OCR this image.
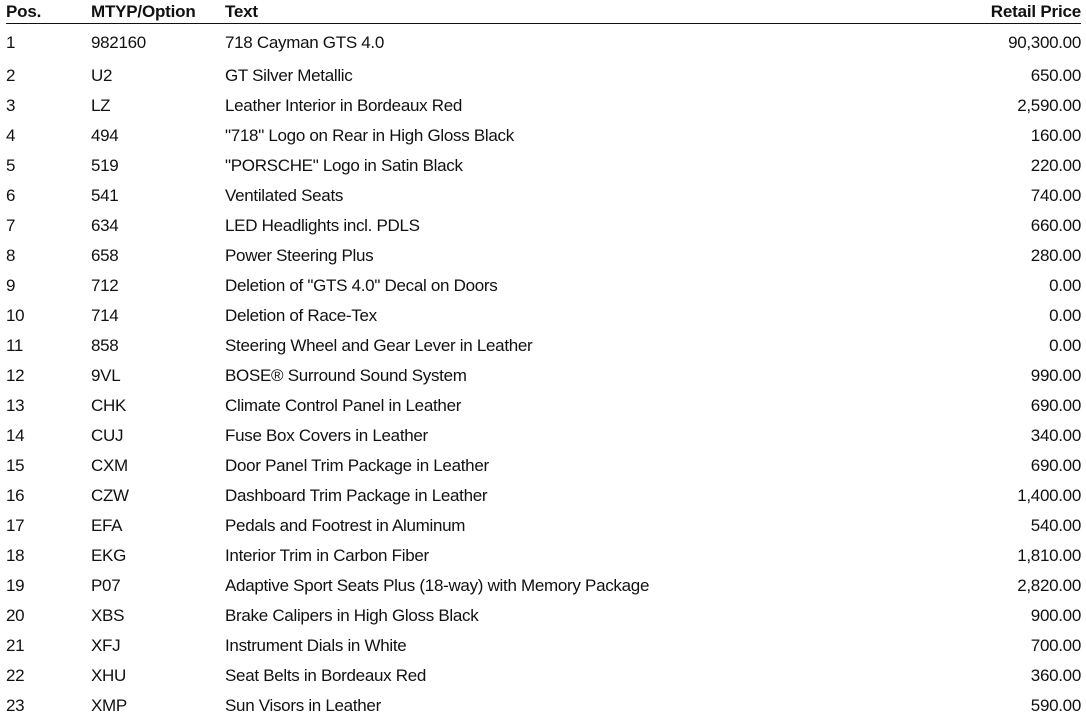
Pos.	MTYP/Option	Text	Retail Price
1	982160	718 Cayman GTS 4.0	90,300.00
2	U2	GT Silver Metallic	650.00
3	LZ	Leather Interior in Bordeaux Red	2,590.00
4	494	"718" Logo on Rear in High Gloss Black	160.00
5	519	"PORSCHE" Logo in Satin Black	220.00
6	541	Ventilated Seats	740.00
7	634	LED Headlights incl. PDLS	660.00
8	658	Power Steering Plus	280.00
9	712	Deletion of "GTS 4.0" Decal on Doors	0.00
10	714	Deletion of Race-Tex	0.00
11	858	Steering Wheel and Gear Lever in Leather	0.00
12	9VL	BOSE® Surround Sound System	990.00
13	CHK	Climate Control Panel in Leather	690.00
14	CUJ	Fuse Box Covers in Leather	340.00
15	CXM	Door Panel Trim Package in Leather	690.00
16	CZW	Dashboard Trim Package in Leather	1,400.00
17	EFA	Pedals and Footrest in Aluminum	540.00
18	EKG	Interior Trim in Carbon Fiber	1,810.00
19	P07	Adaptive Sport Seats Plus (18-way) with Memory Package	2,820.00
20	XBS	Brake Calipers in High Gloss Black	900.00
21	XFJ	Instrument Dials in White	700.00
22	XHU	Seat Belts in Bordeaux Red	360.00
23	XMP	Sun Visors in Leather	590.00
